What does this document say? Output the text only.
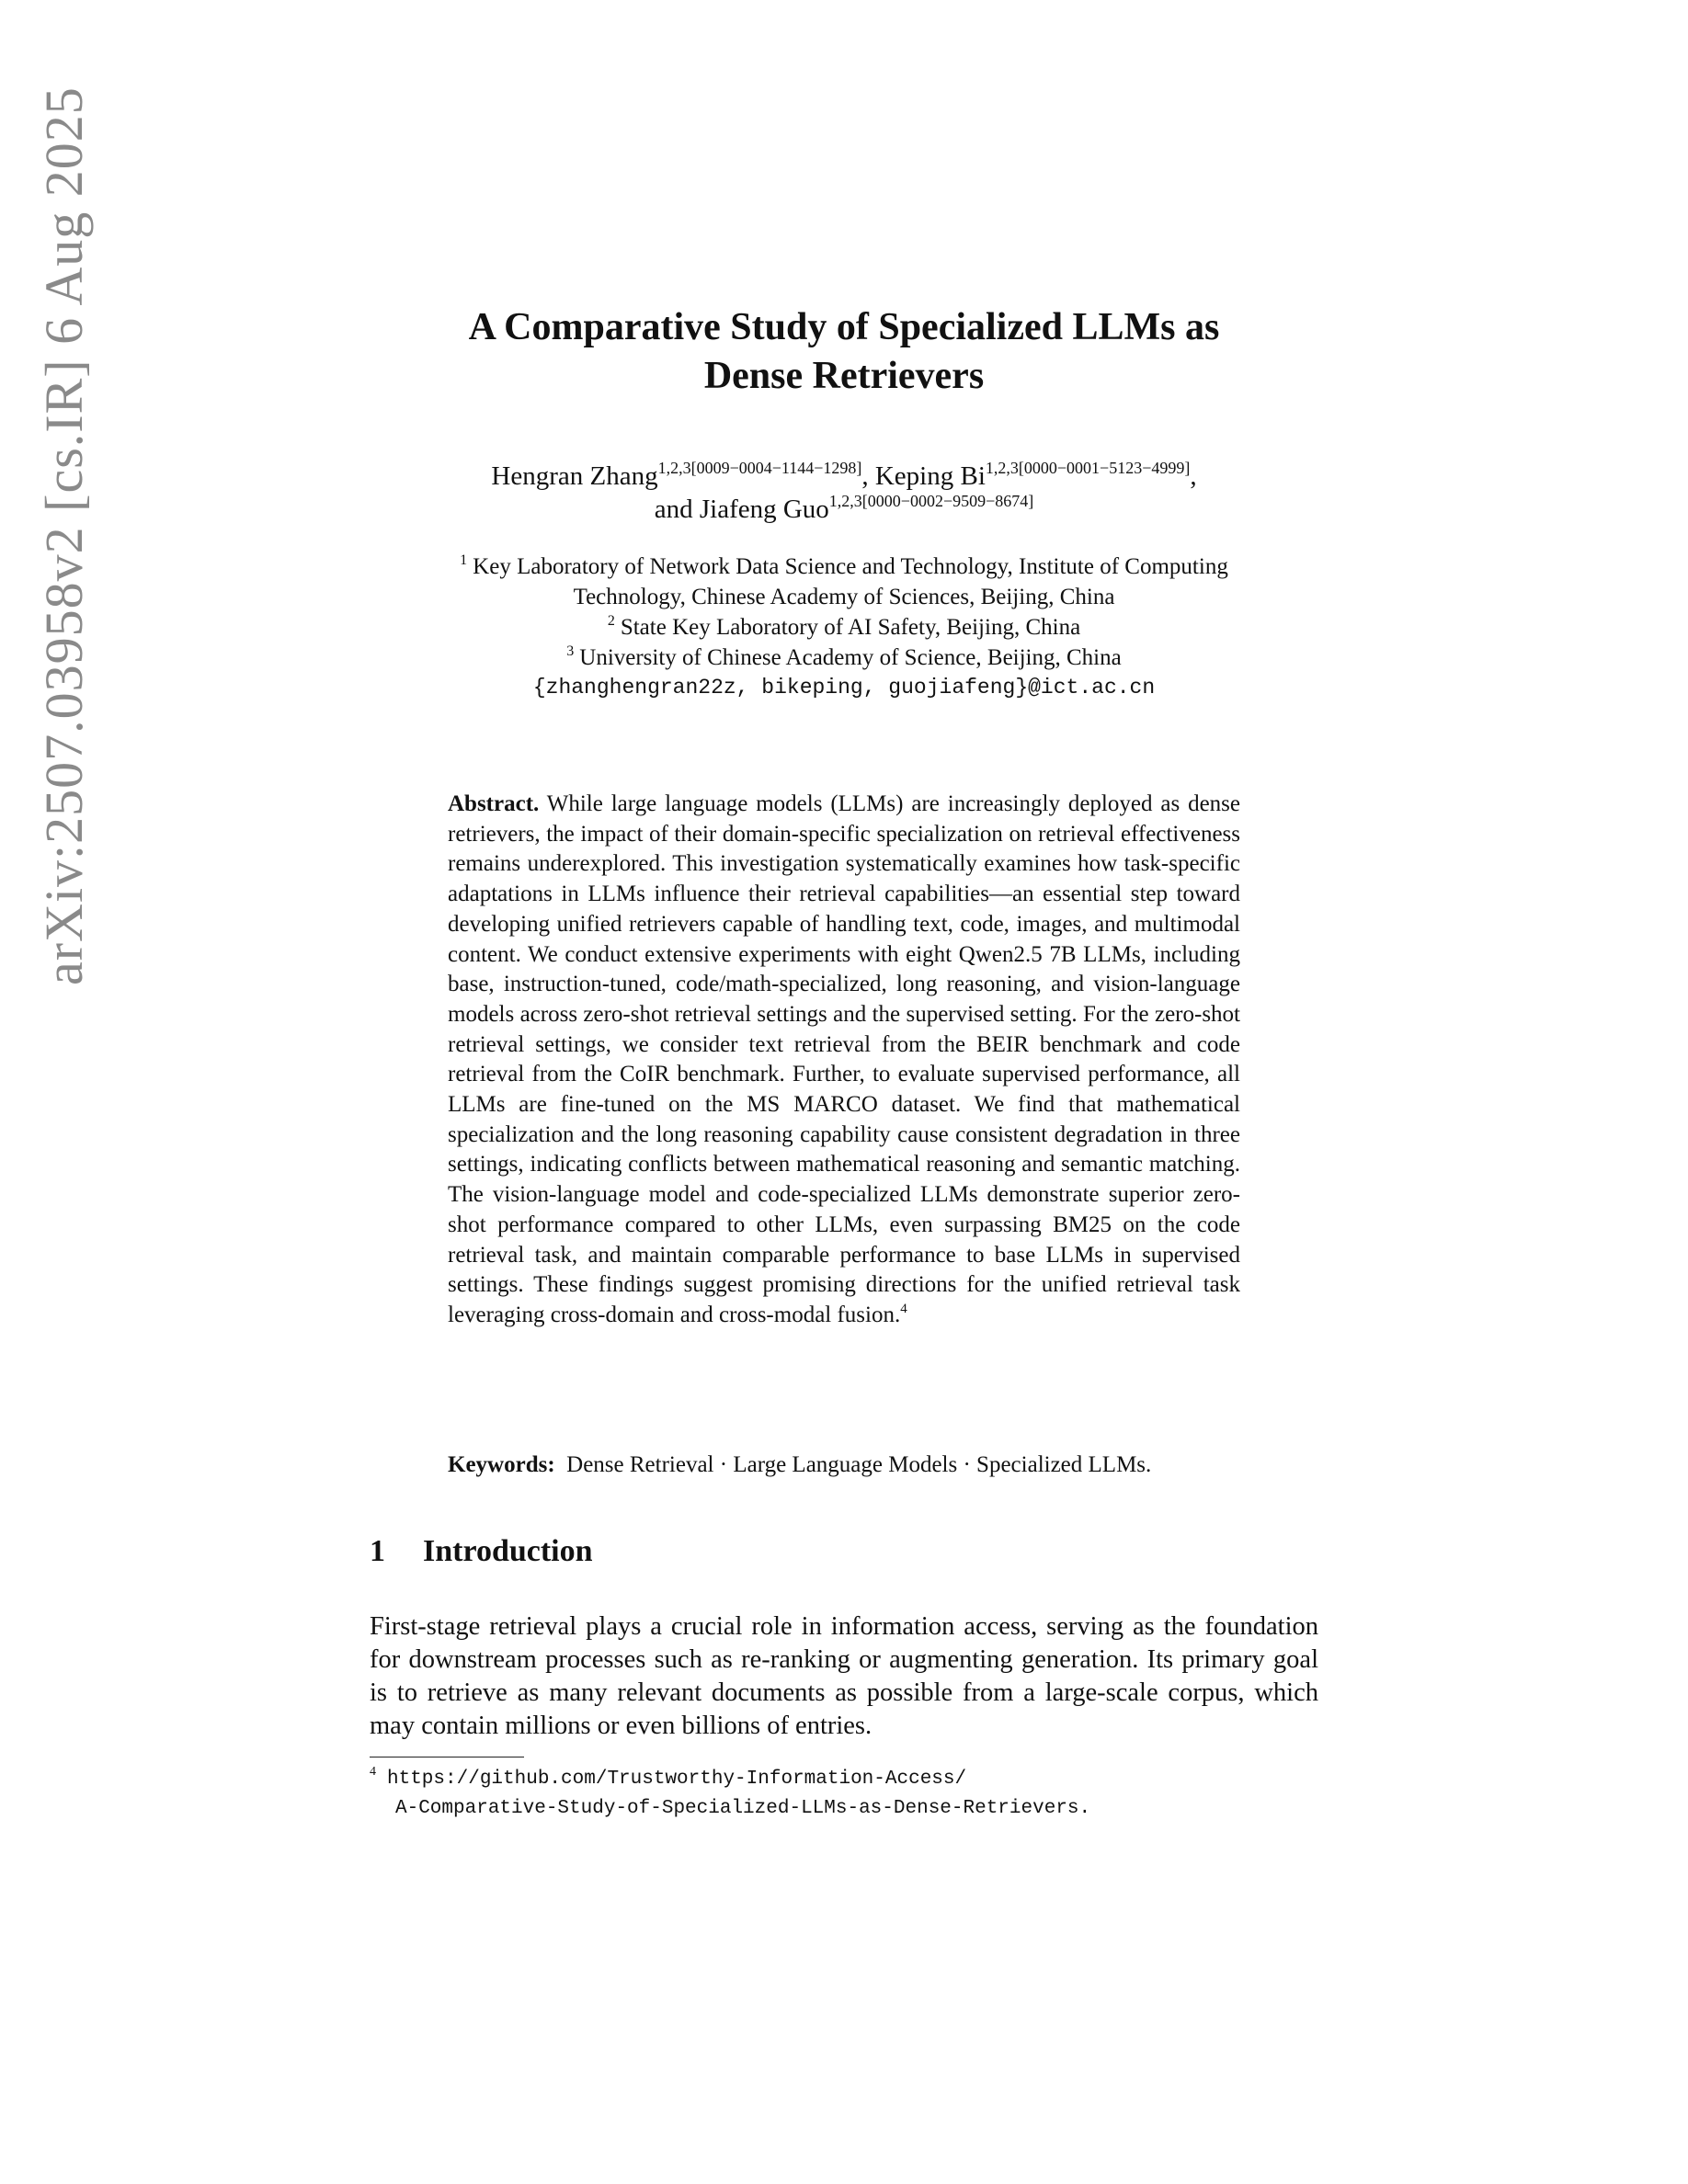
arXiv:2507.03958v2 [cs.IR] 6 Aug 2025	A Comparative Study of Specialized LLMs as
Dense Retrievers
Hengran Zhang$^{1,2,3[0009-0004-1144-1298]}$, Keping $Bi^{1,2,3[0000-0001-5123-4999]}$,
and Jiafeng Guo$^{1,2,3[0000-0002-9509-8674]}$
$^1$ Key Laboratory of Network Data Science and Technology, Institute of Computing
Technology, Chinese Academy of Sciences, Beijing, China
$^2$ State Key Laboratory of AI Safety, Beijing, China
$^3$ University of Chinese Academy of Science, Beijing, China
{zhanghengran22z, bikeping, guojiafeng}@ict.ac.cn
Abstract. While large language models (LLMs) are increasingly deployed as dense retrievers, the impact of their domain-specific specialization on retrieval effectiveness remains underexplored. This investigation systematically examines how task-specific adaptations in LLMs influence their retrieval capabilities—an essential step toward developing unified retrievers capable of handling text, code, images, and multimodal content. We conduct extensive experiments with eight Qwen2.5 7B LLMs, including base, instruction-tuned, code/math-specialized, long reasoning, and vision-language models across zero-shot retrieval settings and the supervised setting. For the zero-shot retrieval settings, we consider text retrieval from the BEIR benchmark and code retrieval from the CoIR benchmark. Further, to evaluate supervised performance, all LLMs are fine-tuned on the MS MARCO dataset. We find that mathematical specialization and the long reasoning capability cause consistent degradation in three settings, indicating conflicts between mathematical reasoning and semantic matching. The vision-language model and code-specialized LLMs demonstrate superior zero-shot performance compared to other LLMs, even surpassing BM25 on the code retrieval task, and maintain comparable performance to base LLMs in supervised settings. These findings suggest promising directions for the unified retrieval task leveraging cross-domain and cross-modal fusion.$^4$
Keywords: Dense Retrieval · Large Language Models · Specialized LLMs.
1 Introduction
First-stage retrieval plays a crucial role in information access, serving as the foundation for downstream processes such as re-ranking or augmenting generation. Its primary goal is to retrieve as many relevant documents as possible from a large-scale corpus, which may contain millions or even billions of entries.
$^4$ https://github.com/Trustworthy-Information-Access/
A-Comparative-Study-of-Specialized-LLMs-as-Dense-Retrievers.
